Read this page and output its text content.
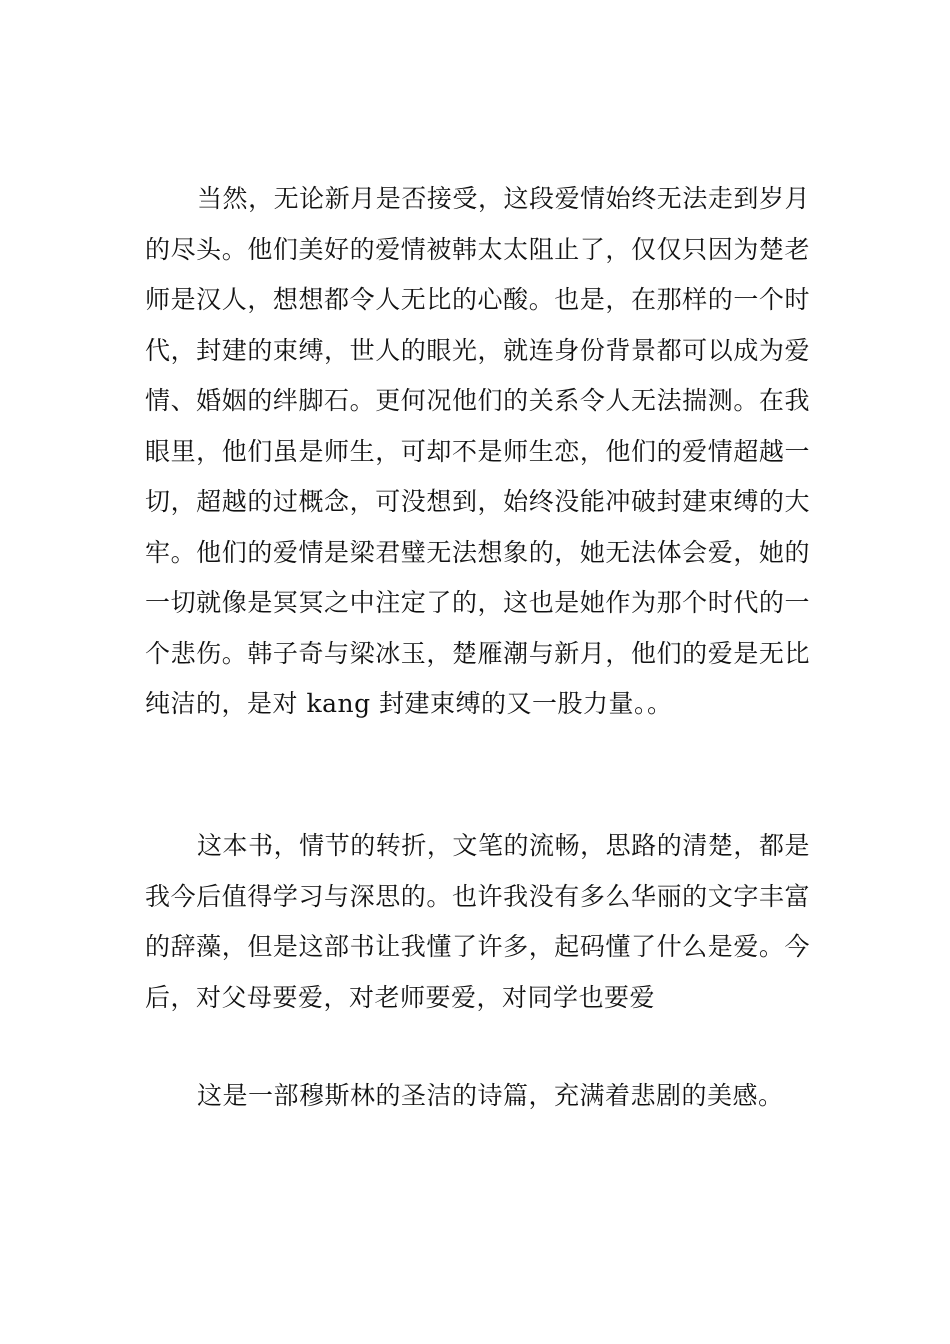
当然，无论新月是否接受，这段爱情始终无法走到岁月的尽头。他们美好的爱情被韩太太阻止了，仅仅只因为楚老师是汉人，想想都令人无比的心酸。也是，在那样的一个时代，封建的束缚，世人的眼光，就连身份背景都可以成为爱情、婚姻的绊脚石。更何况他们的关系令人无法揣测。在我眼里，他们虽是师生，可却不是师生恋，他们的爱情超越一切，超越的过概念，可没想到，始终没能冲破封建束缚的大牢。他们的爱情是梁君璧无法想象的，她无法体会爱，她的一切就像是冥冥之中注定了的，这也是她作为那个时代的一个悲伤。韩子奇与梁冰玉，楚雁潮与新月，他们的爱是无比纯洁的，是对 kang 封建束缚的又一股力量。。

这本书，情节的转折，文笔的流畅，思路的清楚，都是我今后值得学习与深思的。也许我没有多么华丽的文字丰富的辞藻，但是这部书让我懂了许多，起码懂了什么是爱。今后，对父母要爱，对老师要爱，对同学也要爱

这是一部穆斯林的圣洁的诗篇，充满着悲剧的美感。
